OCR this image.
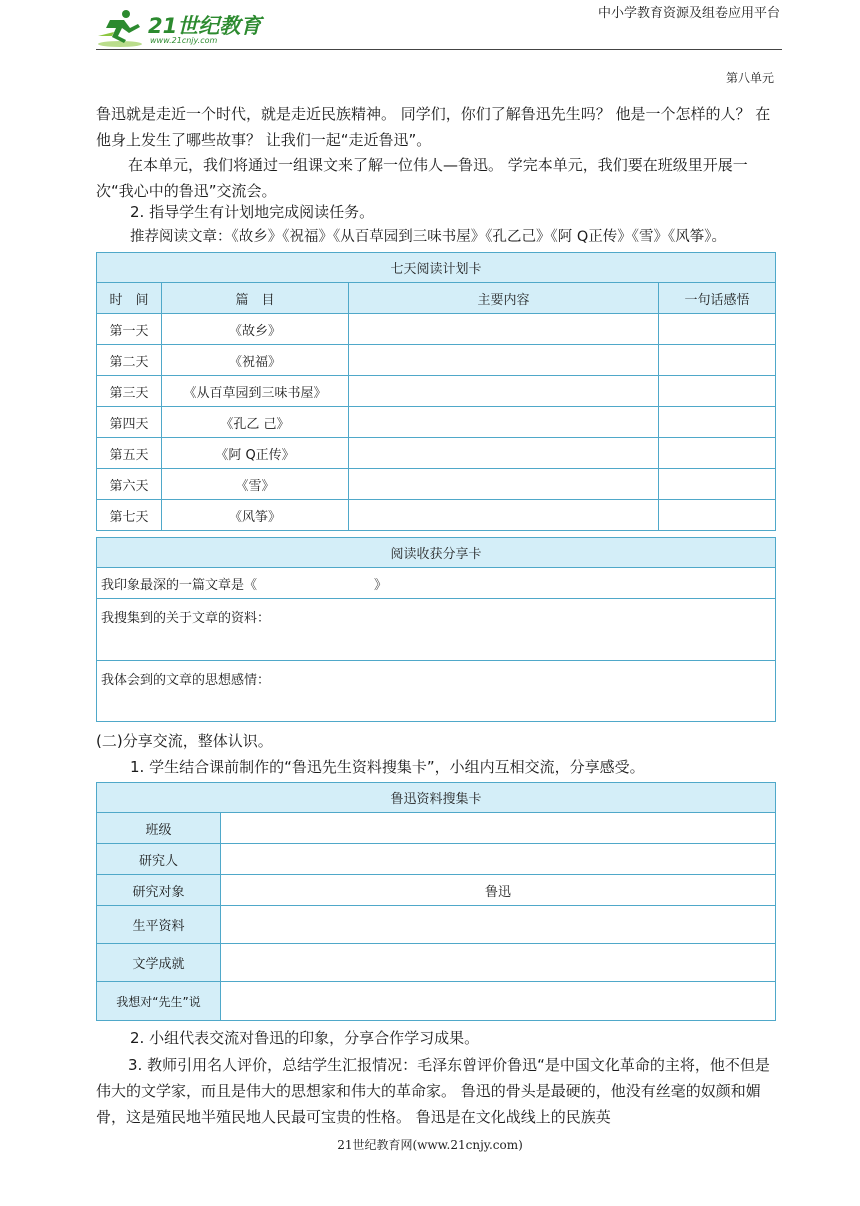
21世纪教育
www.21cnjy.com
中小学教育资源及组卷应用平台
第八单元

鲁迅就是走近一个时代，就是走近民族精神。 同学们，你们了解鲁迅先生吗？ 他是一个怎样的人？ 在他身上发生了哪些故事？ 让我们一起“走近鲁迅”。

在本单元，我们将通过一组课文来了解一位伟人—鲁迅。 学完本单元，我们要在班级里开展一次“我心中的鲁迅”交流会。

2. 指导学生有计划地完成阅读任务。

推荐阅读文章：《故乡》《祝福》《从百草园到三味书屋》《孔乙己》《阿 Q正传》《雪》《风筝》。

七天阅读计划卡			
时　间	篇　目	主要内容	一句话感悟
第一天	《故乡》		
第二天	《祝福》		
第三天	《从百草园到三味书屋》		
第四天	《孔乙 己》		
第五天	《阿 Q正传》		
第六天	《雪》		
第七天	《风筝》		
阅读收获分享卡
我印象最深的一篇文章是《　　　　　　　　　》
我搜集到的关于文章的资料：
我体会到的文章的思想感情：

(二)分享交流，整体认识。

1. 学生结合课前制作的“鲁迅先生资料搜集卡”，小组内互相交流，分享感受。

鲁迅资料搜集卡	
班级	
研究人	
研究对象	鲁迅
生平资料	
文学成就	
我想对“先生”说	

2. 小组代表交流对鲁迅的印象，分享合作学习成果。

3. 教师引用名人评价，总结学生汇报情况：毛泽东曾评价鲁迅“是中国文化革命的主将，他不但是伟大的文学家，而且是伟大的思想家和伟大的革命家。 鲁迅的骨头是最硬的，他没有丝毫的奴颜和媚骨，这是殖民地半殖民地人民最可宝贵的性格。 鲁迅是在文化战线上的民族英

21世纪教育网(www.21cnjy.com)
